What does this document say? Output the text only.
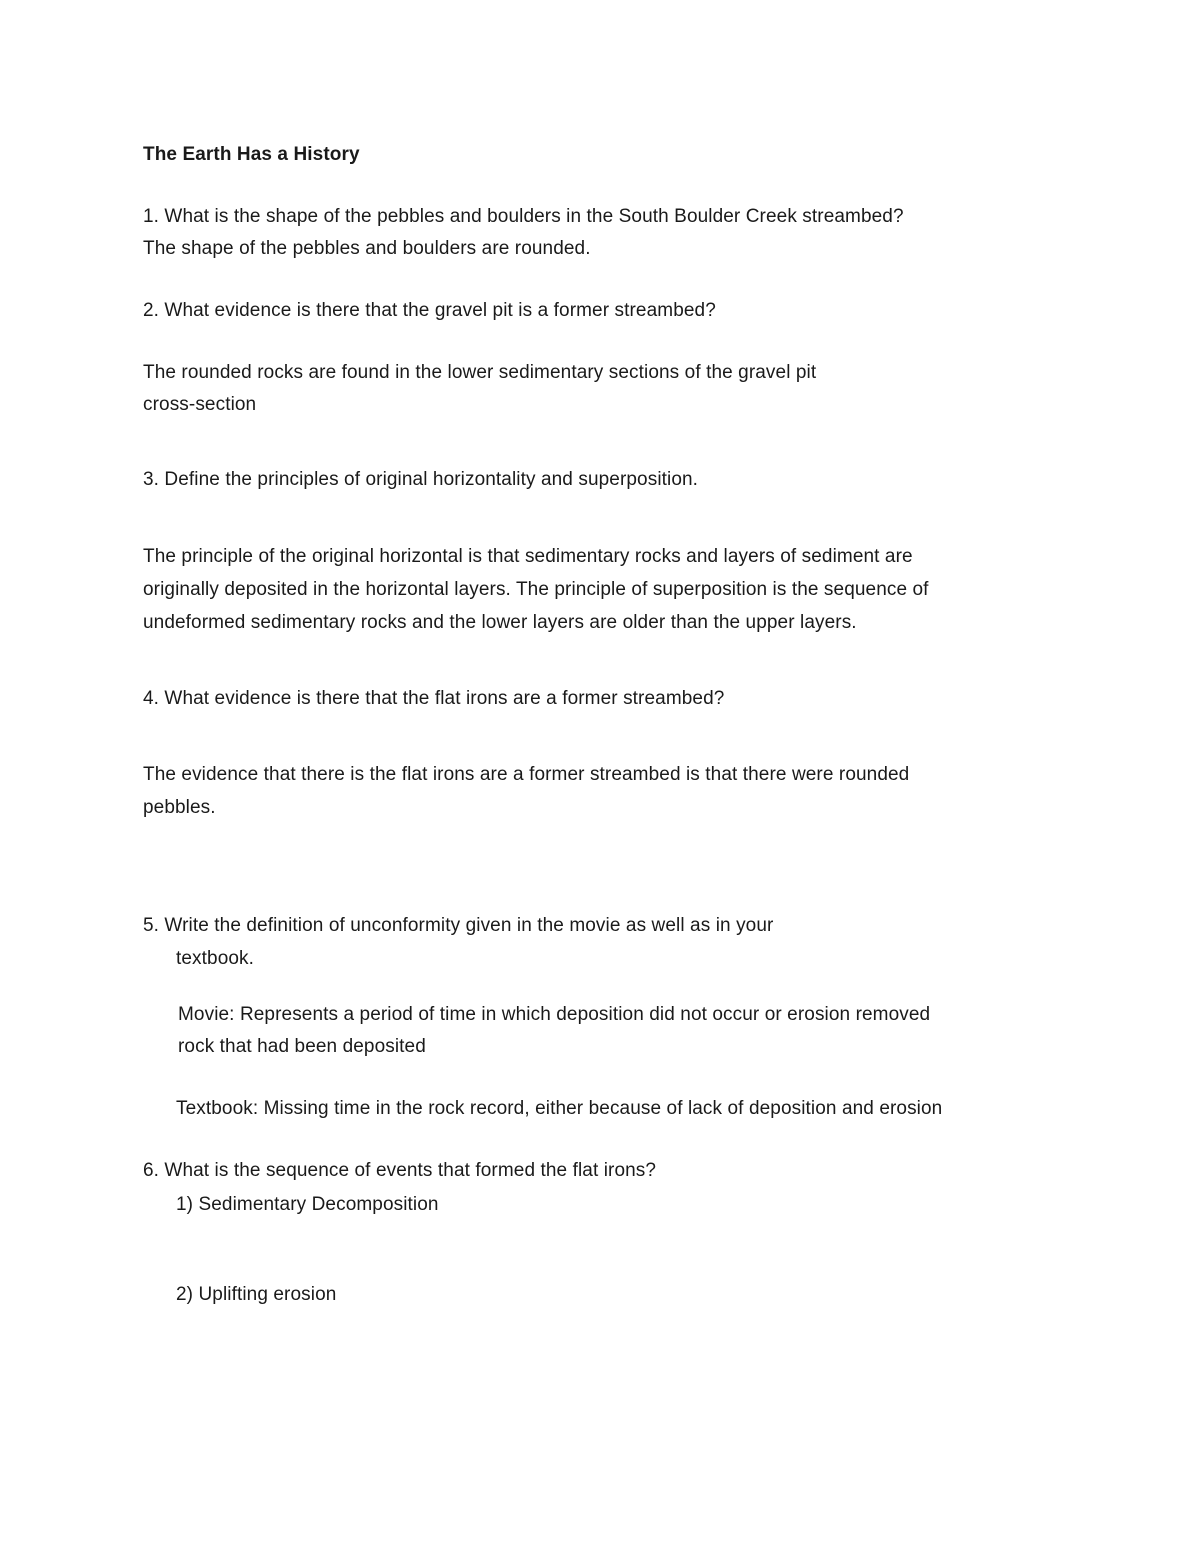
The Earth Has a History
1. What is the shape of the pebbles and boulders in the South Boulder Creek streambed?
The shape of the pebbles and boulders are rounded.
2. What evidence is there that the gravel pit is a former streambed?
The rounded rocks are found in the lower sedimentary sections of the gravel pit
cross-section
3. Define the principles of original horizontality and superposition.
The principle of the original horizontal is that sedimentary rocks and layers of sediment are
originally deposited in the horizontal layers. The principle of superposition is the sequence of
undeformed sedimentary rocks and the lower layers are older than the upper layers.
4. What evidence is there that the flat irons are a former streambed?
The evidence that there is the flat irons are a former streambed is that there were rounded
pebbles.
5. Write the definition of unconformity given in the movie as well as in your
textbook.
Movie: Represents a period of time in which deposition did not occur or erosion removed
rock that had been deposited
Textbook: Missing time in the rock record, either because of lack of deposition and erosion
6. What is the sequence of events that formed the flat irons?
1) Sedimentary Decomposition
2) Uplifting erosion
